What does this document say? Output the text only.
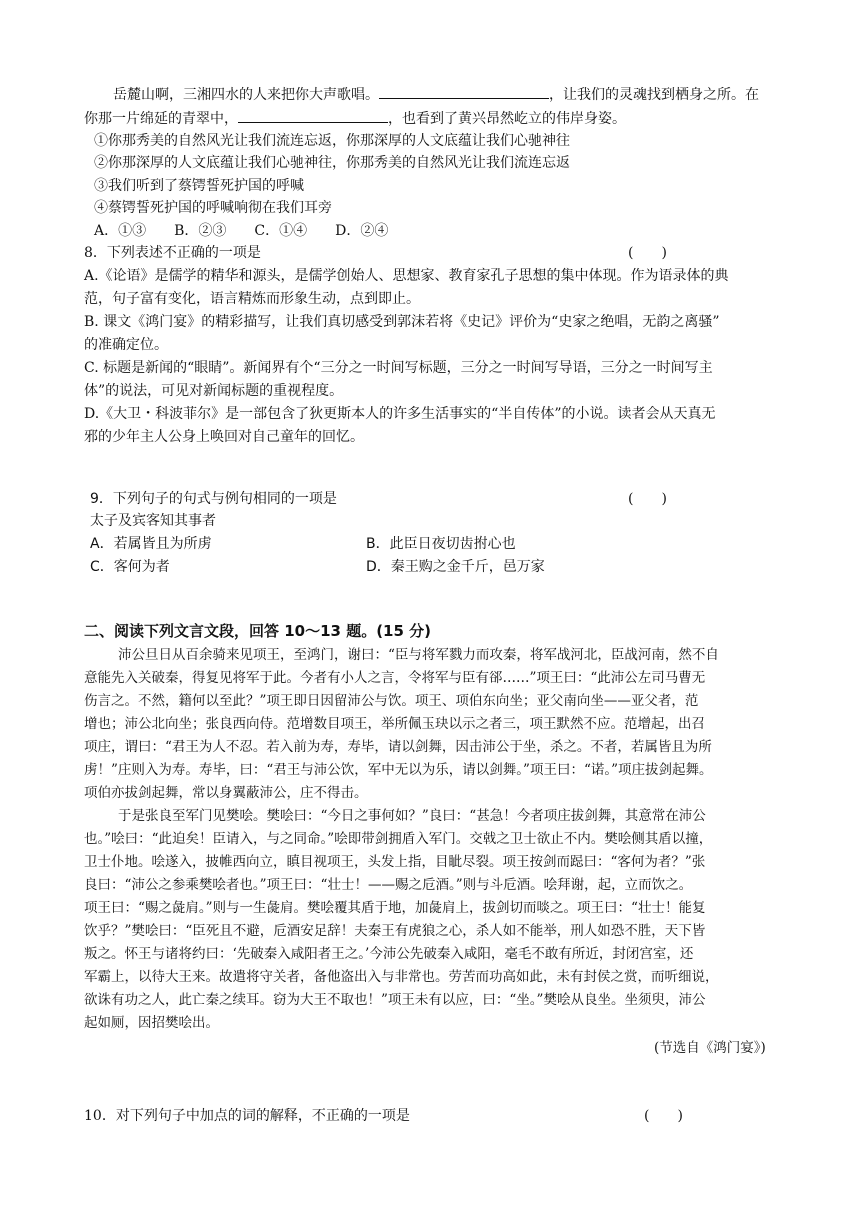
岳麓山啊，三湘四水的人来把你大声歌唱。	，让我们的灵魂找到栖身之所。在
你那一片绵延的青翠中，	，也看到了黄兴昂然屹立的伟岸身姿。
①你那秀美的自然风光让我们流连忘返，你那深厚的人文底蕴让我们心驰神往
②你那深厚的人文底蕴让我们心驰神往，你那秀美的自然风光让我们流连忘返
③我们听到了蔡锷誓死护国的呼喊
④蔡锷誓死护国的呼喊响彻在我们耳旁
A．①③　　B．②③　　C．①④　　D．②④
8．下列表述不正确的一项是	(　　)
A.《论语》是儒学的精华和源头，是儒学创始人、思想家、教育家孔子思想的集中体现。作为语录体的典
范，句子富有变化，语言精炼而形象生动，点到即止。
B. 课文《鸿门宴》的精彩描写，让我们真切感受到郭沫若将《史记》评价为“史家之绝唱，无韵之离骚”
的准确定位。
C. 标题是新闻的“眼睛”。新闻界有个“三分之一时间写标题，三分之一时间写导语，三分之一时间写主
体”的说法，可见对新闻标题的重视程度。
D.《大卫・科波菲尔》是一部包含了狄更斯本人的许多生活事实的“半自传体”的小说。读者会从天真无
邪的少年主人公身上唤回对自己童年的回忆。
9．下列句子的句式与例句相同的一项是	(　　)
太子及宾客知其事者
A．若属皆且为所虏	B．此臣日夜切齿拊心也
C．客何为者	D．秦王购之金千斤，邑万家
二、阅读下列文言文段，回答 10～13 题。(15 分)
沛公旦日从百余骑来见项王，至鸿门，谢曰：“臣与将军戮力而攻秦，将军战河北，臣战河南，然不自
意能先入关破秦，得复见将军于此。今者有小人之言，令将军与臣有郤……”项王曰：“此沛公左司马曹无
伤言之。不然，籍何以至此？”项王即日因留沛公与饮。项王、项伯东向坐；亚父南向坐——亚父者，范
增也；沛公北向坐；张良西向侍。范增数目项王，举所佩玉玦以示之者三，项王默然不应。范增起，出召
项庄，谓曰：“君王为人不忍。若入前为寿，寿毕，请以剑舞，因击沛公于坐，杀之。不者，若属皆且为所
虏！”庄则入为寿。寿毕，曰：“君王与沛公饮，军中无以为乐，请以剑舞。”项王曰：“诺。”项庄拔剑起舞。
项伯亦拔剑起舞，常以身翼蔽沛公，庄不得击。
于是张良至军门见樊哙。樊哙曰：“今日之事何如？”良曰：“甚急！今者项庄拔剑舞，其意常在沛公
也。”哙曰：“此迫矣！臣请入，与之同命。”哙即带剑拥盾入军门。交戟之卫士欲止不内。樊哙侧其盾以撞，
卫士仆地。哙遂入，披帷西向立，瞋目视项王，头发上指，目眦尽裂。项王按剑而跽曰：“客何为者？”张
良曰：“沛公之参乘樊哙者也。”项王曰：“壮士！——赐之卮酒。”则与斗卮酒。哙拜谢，起，立而饮之。
项王曰：“赐之彘肩。”则与一生彘肩。樊哙覆其盾于地，加彘肩上，拔剑切而啖之。项王曰：“壮士！能复
饮乎？”樊哙曰：“臣死且不避，卮酒安足辞！夫秦王有虎狼之心，杀人如不能举，刑人如恐不胜，天下皆
叛之。怀王与诸将约曰：‘先破秦入咸阳者王之。’今沛公先破秦入咸阳，毫毛不敢有所近，封闭宫室，还
军霸上，以待大王来。故遣将守关者，备他盗出入与非常也。劳苦而功高如此，未有封侯之赏，而听细说，
欲诛有功之人，此亡秦之续耳。窃为大王不取也！”项王未有以应，曰：“坐。”樊哙从良坐。坐须臾，沛公
起如厕，因招樊哙出。
(节选自《鸿门宴》)
10．对下列句子中加点的词的解释，不正确的一项是	(　　)
